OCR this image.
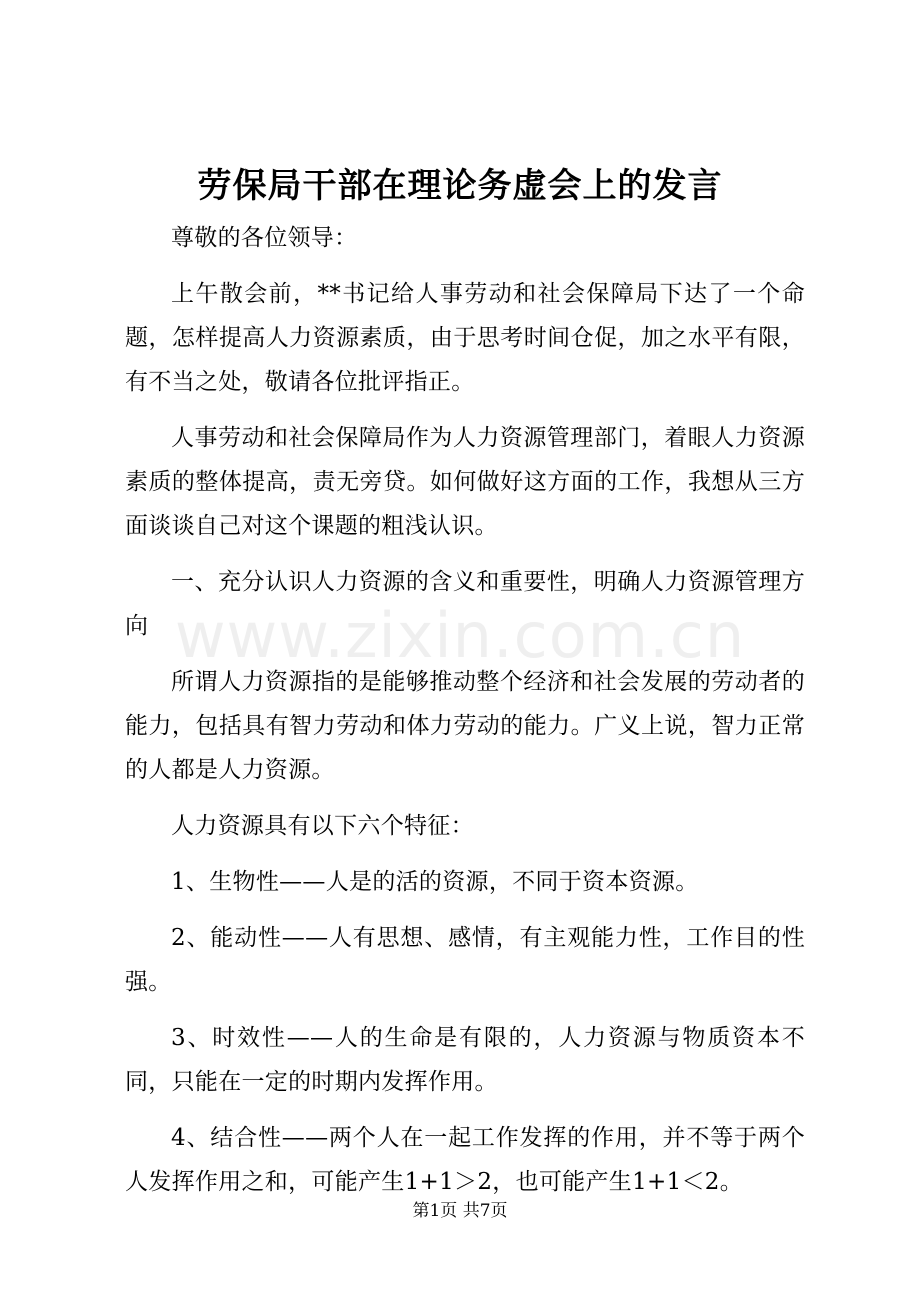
劳保局干部在理论务虚会上的发言

尊敬的各位领导：

上午散会前，**书记给人事劳动和社会保障局下达了一个命题，怎样提高人力资源素质，由于思考时间仓促，加之水平有限，有不当之处，敬请各位批评指正。

人事劳动和社会保障局作为人力资源管理部门，着眼人力资源素质的整体提高，责无旁贷。如何做好这方面的工作，我想从三方面谈谈自己对这个课题的粗浅认识。

一、充分认识人力资源的含义和重要性，明确人力资源管理方向

所谓人力资源指的是能够推动整个经济和社会发展的劳动者的能力，包括具有智力劳动和体力劳动的能力。广义上说，智力正常的人都是人力资源。

人力资源具有以下六个特征：

1、生物性——人是的活的资源，不同于资本资源。

2、能动性——人有思想、感情，有主观能力性，工作目的性强。

3、时效性——人的生命是有限的，人力资源与物质资本不同，只能在一定的时期内发挥作用。

4、结合性——两个人在一起工作发挥的作用，并不等于两个人发挥作用之和，可能产生1+1＞2，也可能产生1+1＜2。

www.zixin.com.cn
第1页 共7页
